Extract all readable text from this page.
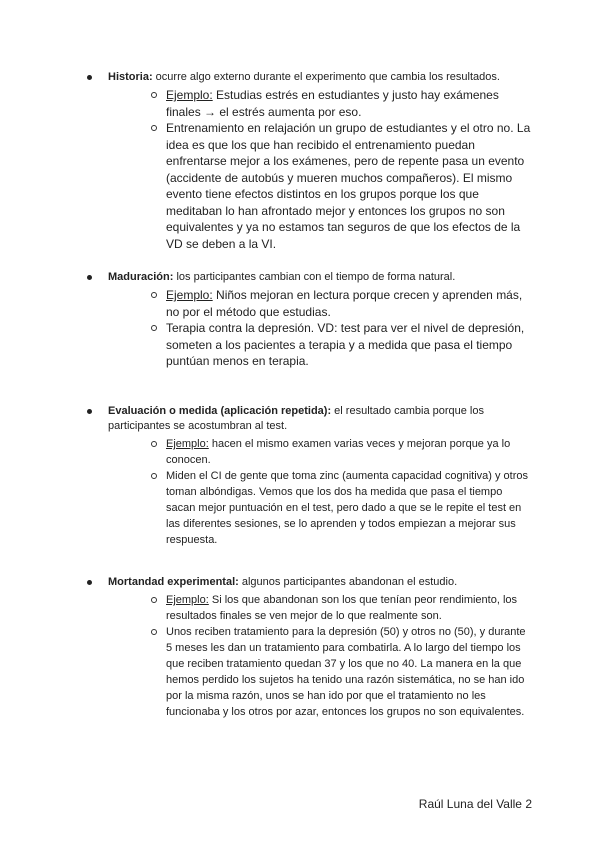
Historia: ocurre algo externo durante el experimento que cambia los resultados.
Ejemplo: Estudias estrés en estudiantes y justo hay exámenes finales → el estrés aumenta por eso.
Entrenamiento en relajación un grupo de estudiantes y el otro no. La idea es que los que han recibido el entrenamiento puedan enfrentarse mejor a los exámenes, pero de repente pasa un evento (accidente de autobús y mueren muchos compañeros). El mismo evento tiene efectos distintos en los grupos porque los que meditaban lo han afrontado mejor y entonces los grupos no son equivalentes y ya no estamos tan seguros de que los efectos de la VD se deben a la VI.
Maduración: los participantes cambian con el tiempo de forma natural.
Ejemplo: Niños mejoran en lectura porque crecen y aprenden más, no por el método que estudias.
Terapia contra la depresión. VD: test para ver el nivel de depresión, someten a los pacientes a terapia y a medida que pasa el tiempo puntúan menos en terapia.
Evaluación o medida (aplicación repetida): el resultado cambia porque los participantes se acostumbran al test.
Ejemplo: hacen el mismo examen varias veces y mejoran porque ya lo conocen.
Miden el CI de gente que toma zinc (aumenta capacidad cognitiva) y otros toman albóndigas. Vemos que los dos ha medida que pasa el tiempo sacan mejor puntuación en el test, pero dado a que se le repite el test en las diferentes sesiones, se lo aprenden y todos empiezan a mejorar sus respuesta.
Mortandad experimental: algunos participantes abandonan el estudio.
Ejemplo: Si los que abandonan son los que tenían peor rendimiento, los resultados finales se ven mejor de lo que realmente son.
Unos reciben tratamiento para la depresión (50) y otros no (50), y durante 5 meses les dan un tratamiento para combatirla. A lo largo del tiempo los que reciben tratamiento quedan 37 y los que no 40. La manera en la que hemos perdido los sujetos ha tenido una razón sistemática, no se han ido por la misma razón, unos se han ido por que el tratamiento no les funcionaba y los otros por azar, entonces los grupos no son equivalentes.
Raúl Luna del Valle 2
